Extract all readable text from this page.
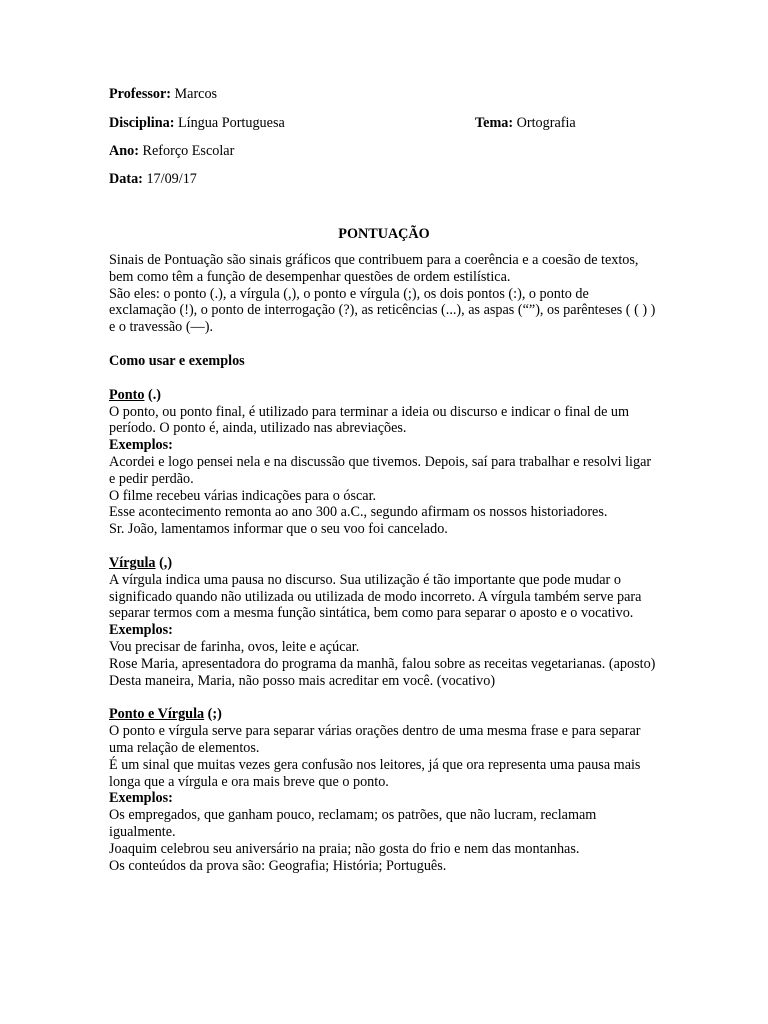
Professor: Marcos
Disciplina: Língua Portuguesa	Tema: Ortografia
Ano: Reforço Escolar
Data: 17/09/17
PONTUAÇÃO

Sinais de Pontuação são sinais gráficos que contribuem para a coerência e a coesão de textos, bem como têm a função de desempenhar questões de ordem estilística.

São eles: o ponto (.), a vírgula (,), o ponto e vírgula (;), os dois pontos (:), o ponto de exclamação (!), o ponto de interrogação (?), as reticências (...), as aspas (“”), os parênteses ( ( ) ) e o travessão (—).

Como usar e exemplos

Ponto (.)

O ponto, ou ponto final, é utilizado para terminar a ideia ou discurso e indicar o final de um período. O ponto é, ainda, utilizado nas abreviações.

Exemplos:

Acordei e logo pensei nela e na discussão que tivemos. Depois, saí para trabalhar e resolvi ligar e pedir perdão.

O filme recebeu várias indicações para o óscar.

Esse acontecimento remonta ao ano 300 a.C., segundo afirmam os nossos historiadores.

Sr. João, lamentamos informar que o seu voo foi cancelado.

Vírgula (,)

A vírgula indica uma pausa no discurso. Sua utilização é tão importante que pode mudar o significado quando não utilizada ou utilizada de modo incorreto. A vírgula também serve para separar termos com a mesma função sintática, bem como para separar o aposto e o vocativo.

Exemplos:

Vou precisar de farinha, ovos, leite e açúcar.

Rose Maria, apresentadora do programa da manhã, falou sobre as receitas vegetarianas. (aposto)

Desta maneira, Maria, não posso mais acreditar em você. (vocativo)

Ponto e Vírgula (;)

O ponto e vírgula serve para separar várias orações dentro de uma mesma frase e para separar uma relação de elementos.

É um sinal que muitas vezes gera confusão nos leitores, já que ora representa uma pausa mais longa que a vírgula e ora mais breve que o ponto.

Exemplos:

Os empregados, que ganham pouco, reclamam; os patrões, que não lucram, reclamam igualmente.

Joaquim celebrou seu aniversário na praia; não gosta do frio e nem das montanhas.

Os conteúdos da prova são: Geografia; História; Português.
